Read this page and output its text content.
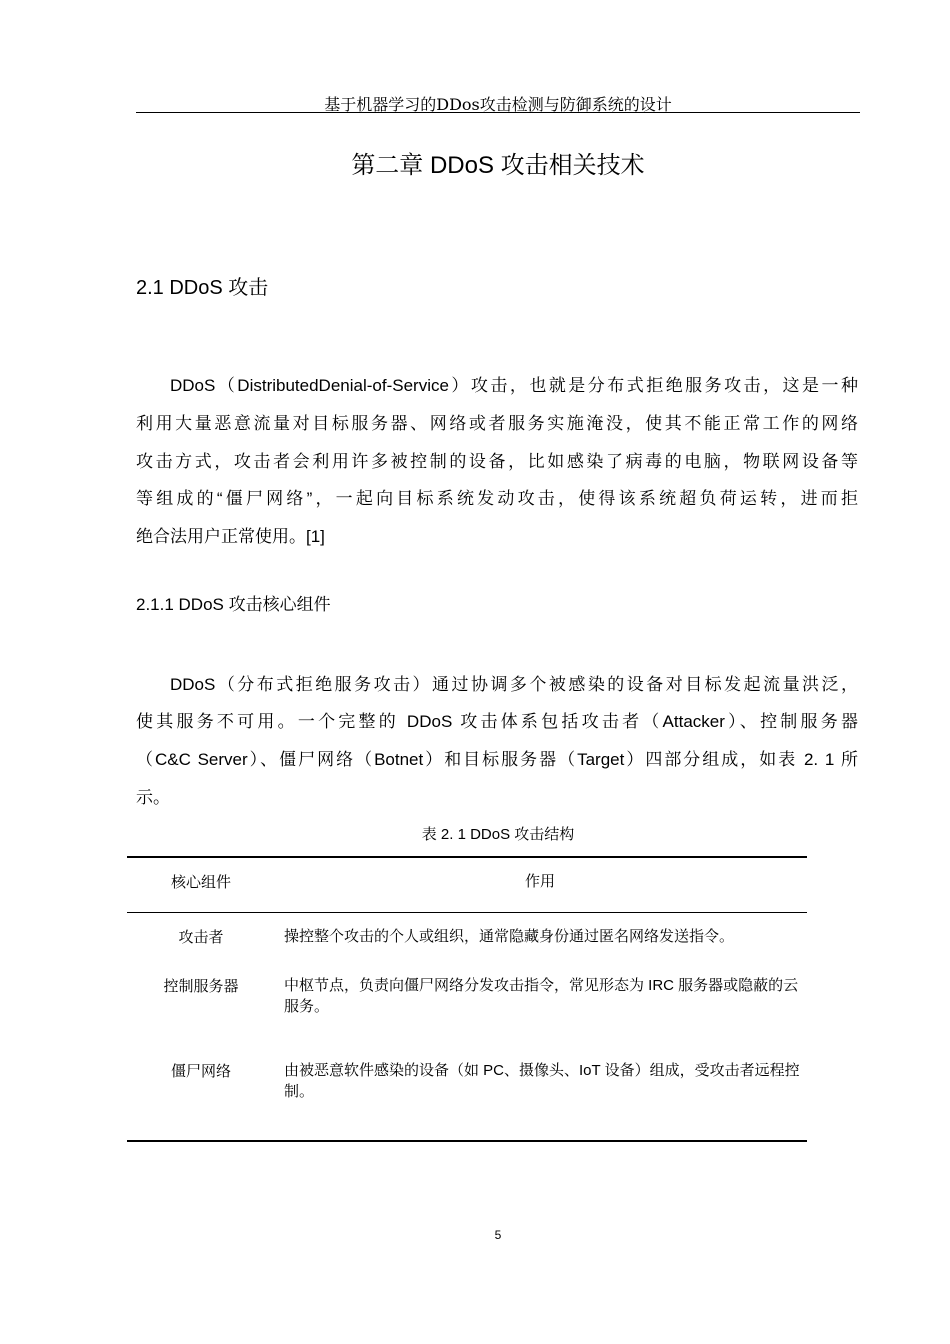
基于机器学习的DDos攻击检测与防御系统的设计
第二章 DDoS 攻击相关技术
2.1 DDoS 攻击
DDoS（DistributedDenial-of-Service）攻击，也就是分布式拒绝服务攻击，这是一种
利用大量恶意流量对目标服务器、网络或者服务实施淹没，使其不能正常工作的网络
攻击方式，攻击者会利用许多被控制的设备，比如感染了病毒的电脑，物联网设备等
等组成的“僵尸网络”，一起向目标系统发动攻击，使得该系统超负荷运转，进而拒
绝合法用户正常使用。[1]
2.1.1 DDoS 攻击核心组件
DDoS（分布式拒绝服务攻击）通过协调多个被感染的设备对目标发起流量洪泛，
使其服务不可用。一个完整的 DDoS 攻击体系包括攻击者（Attacker）、控制服务器
（C&C Server）、僵尸网络（Botnet）和目标服务器（Target）四部分组成，如表 2. 1 所
示。
表 2. 1 DDoS 攻击结构
核心组件	作用
攻击者	操控整个攻击的个人或组织，通常隐藏身份通过匿名网络发送指令。
控制服务器	中枢节点，负责向僵尸网络分发攻击指令，常见形态为 IRC 服务器或隐蔽的云服务。
僵尸网络	由被恶意软件感染的设备（如 PC、摄像头、IoT 设备）组成，受攻击者远程控制。
5
